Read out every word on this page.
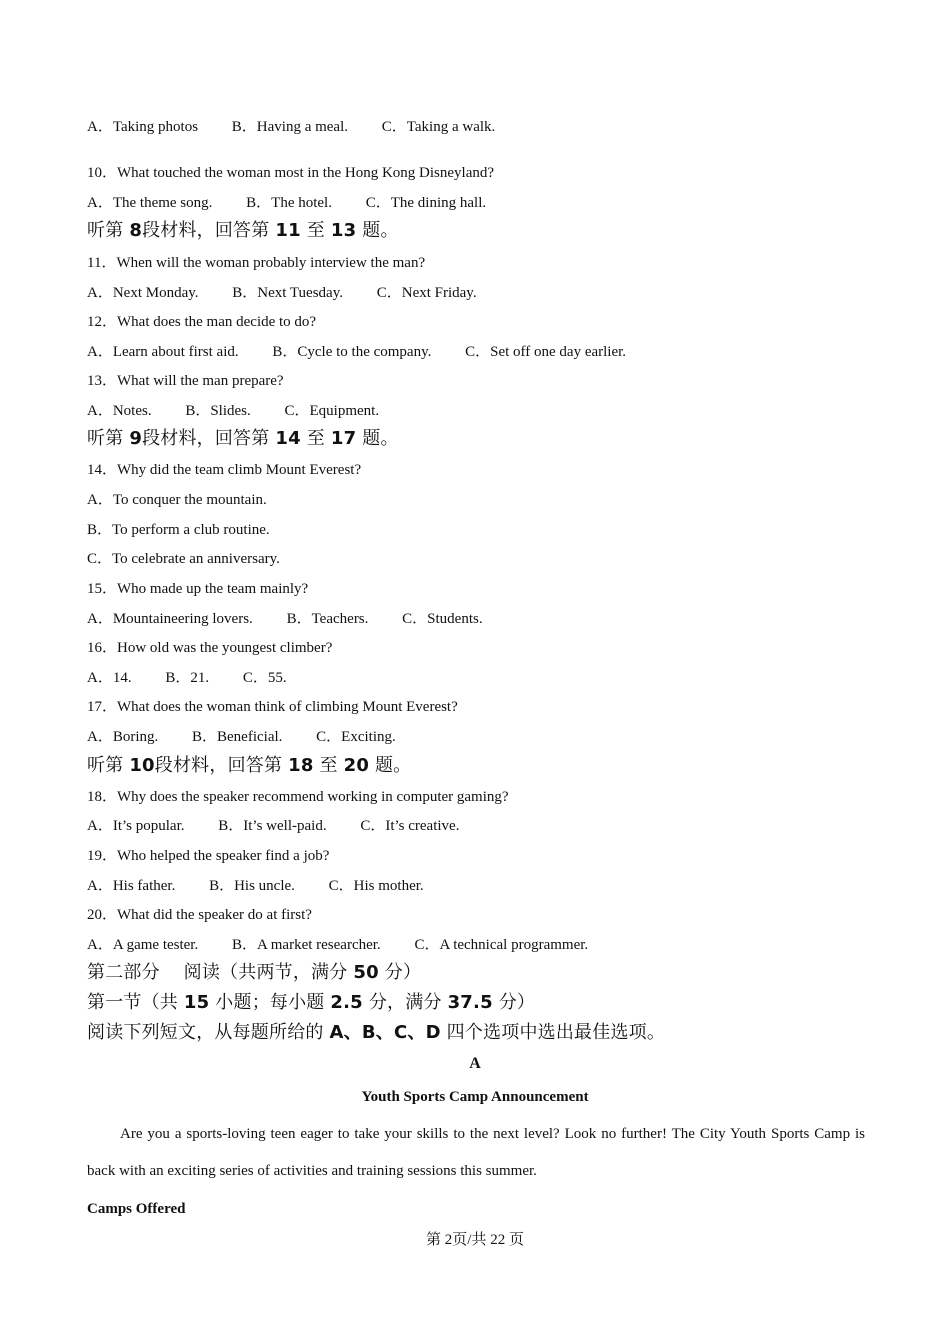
A．Taking photos B．Having a meal. C．Taking a walk.
10．What touched the woman most in the Hong Kong Disneyland?
A．The theme song. B．The hotel. C．The dining hall.
听第 8段材料，回答第 11 至 13 题。
11．When will the woman probably interview the man?
A．Next Monday. B．Next Tuesday. C．Next Friday.
12．What does the man decide to do?
A．Learn about first aid. B．Cycle to the company. C．Set off one day earlier.
13．What will the man prepare?
A．Notes. B．Slides. C．Equipment.
听第 9段材料，回答第 14 至 17 题。
14．Why did the team climb Mount Everest?
A．To conquer the mountain.
B．To perform a club routine.
C．To celebrate an anniversary.
15．Who made up the team mainly?
A．Mountaineering lovers. B．Teachers. C．Students.
16．How old was the youngest climber?
A．14. B．21. C．55.
17．What does the woman think of climbing Mount Everest?
A．Boring. B．Beneficial. C．Exciting.
听第 10段材料，回答第 18 至 20 题。
18．Why does the speaker recommend working in computer gaming?
A．It’s popular. B．It’s well-paid. C．It’s creative.
19．Who helped the speaker find a job?
A．His father. B．His uncle. C．His mother.
20．What did the speaker do at first?
A．A game tester. B．A market researcher. C．A technical programmer.
第二部分 阅读（共两节，满分 50 分）
第一节（共 15 小题；每小题 2.5 分，满分 37.5 分）
阅读下列短文，从每题所给的 A、B、C、D 四个选项中选出最佳选项。
A
Youth Sports Camp Announcement
Are you a sports-loving teen eager to take your skills to the next level? Look no further! The City Youth Sports Camp is back with an exciting series of activities and training sessions this summer.
Camps Offered
第 2页/共 22 页
